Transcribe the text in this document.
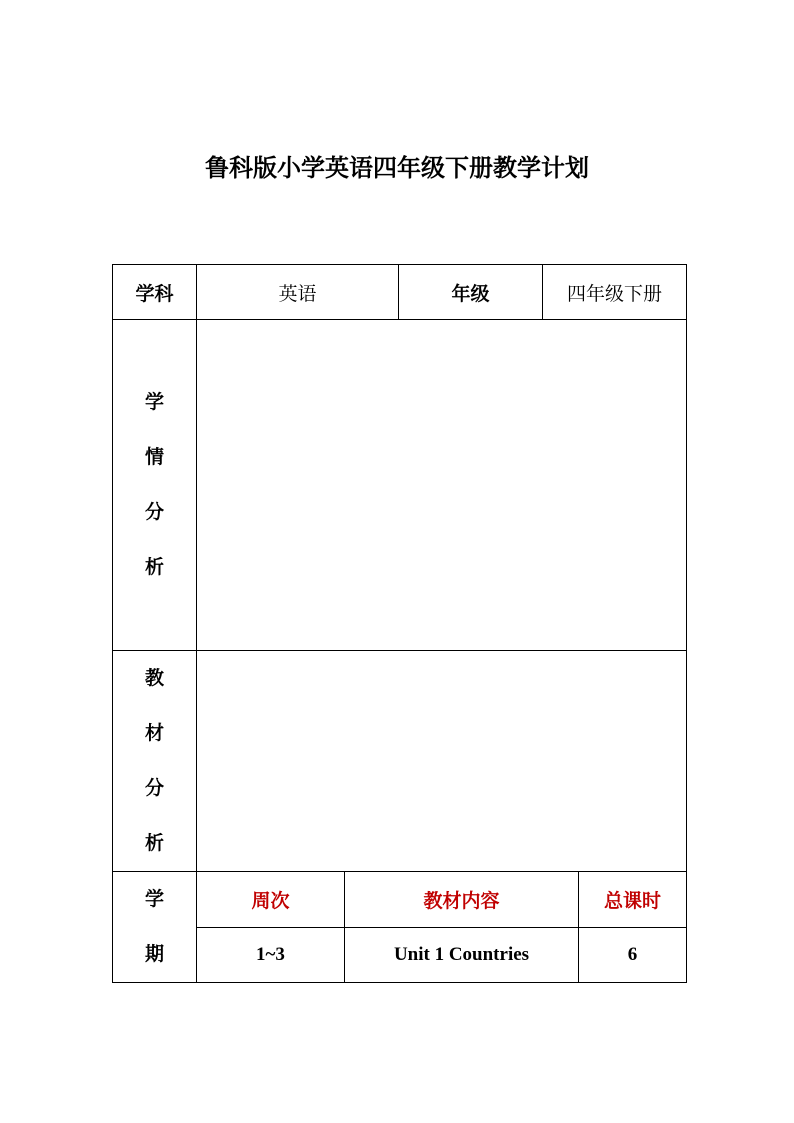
鲁科版小学英语四年级下册教学计划
学科	英语		年级	四年级下册	

学
情
分
析					

教
材
分
析					

学
期	周次	教材内容			总课时
	1~3	Unit 1 Countries			6
